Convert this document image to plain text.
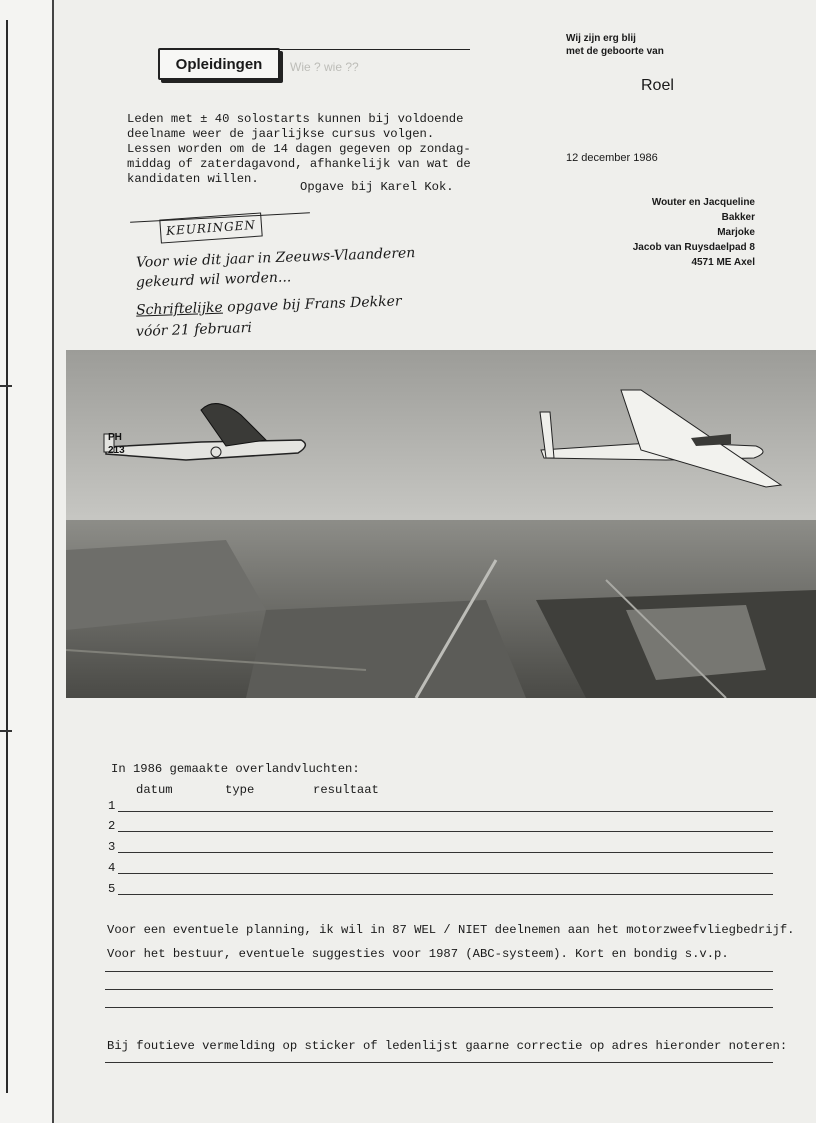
Wie ? wie ??
Opleidingen
Leden met ± 40 solostarts kunnen bij voldoende
deelname weer de jaarlijkse cursus volgen.
Lessen worden om de 14 dagen gegeven op zondag-
middag of zaterdagavond, afhankelijk van wat de
kandidaten willen.
Opgave bij Karel Kok.
Wij zijn erg blij
met de geboorte van
Roel
12 december 1986
Wouter en Jacqueline
Bakker
Marjoke
Jacob van Ruysdaelpad 8
4571 ME Axel
KEURINGEN
Voor wie dit jaar in Zeeuws-Vlaanderen
gekeurd wil worden...
Schriftelijke opgave bij Frans Dekker
vóór 21 februari
PH
213
In 1986 gemaakte overlandvluchten:
datum	type	resultaat
1
2
3
4
5
Voor een eventuele planning, ik wil in 87 WEL / NIET deelnemen aan het motorzweefvliegbedrijf.
Voor het bestuur, eventuele suggesties voor 1987 (ABC-systeem). Kort en bondig s.v.p.
Bij foutieve vermelding op sticker of ledenlijst gaarne correctie op adres hieronder noteren:
